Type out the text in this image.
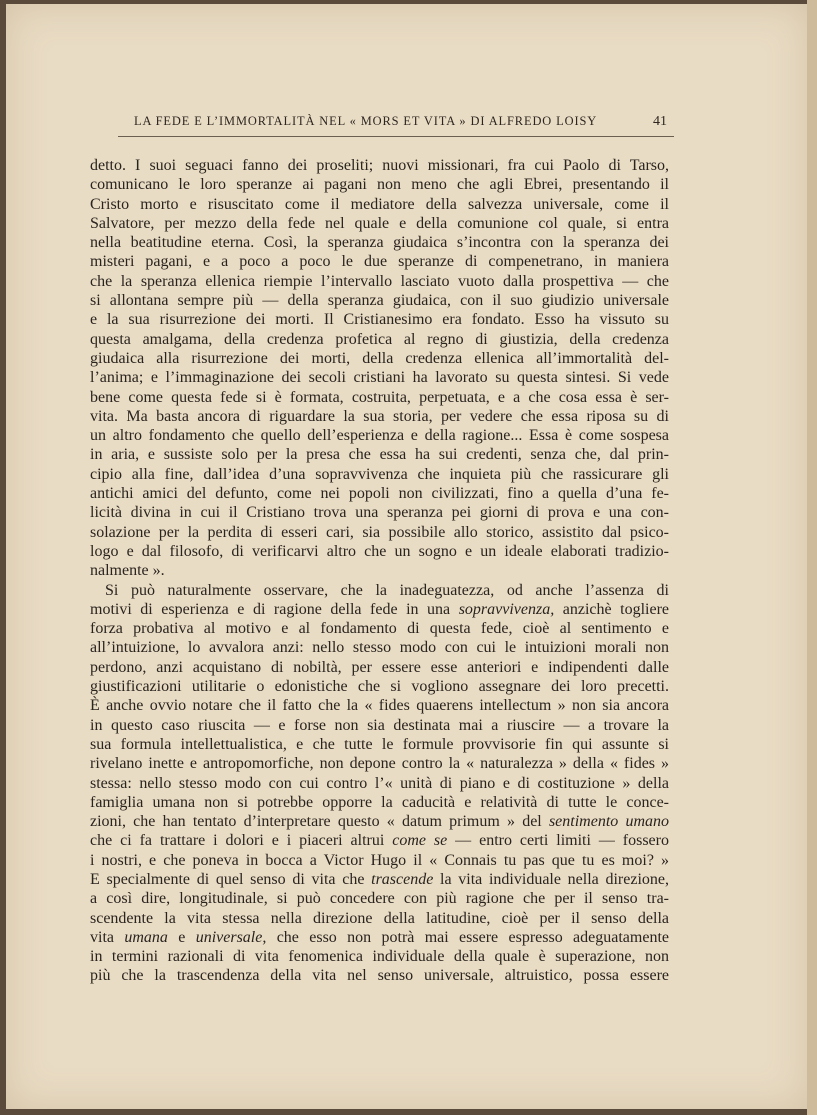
LA FEDE E L’IMMORTALITÀ NEL « MORS ET VITA » DI ALFREDO LOISY	41
detto. I suoi seguaci fanno dei proseliti; nuovi missionari, fra cui Paolo di Tarso,
comunicano le loro speranze ai pagani non meno che agli Ebrei, presentando il
Cristo morto e risuscitato come il mediatore della salvezza universale, come il
Salvatore, per mezzo della fede nel quale e della comunione col quale, si entra
nella beatitudine eterna. Così, la speranza giudaica s’incontra con la speranza dei
misteri pagani, e a poco a poco le due speranze di compenetrano, in maniera
che la speranza ellenica riempie l’intervallo lasciato vuoto dalla prospettiva — che
si allontana sempre più — della speranza giudaica, con il suo giudizio universale
e la sua risurrezione dei morti. Il Cristianesimo era fondato. Esso ha vissuto su
questa amalgama, della credenza profetica al regno di giustizia, della credenza
giudaica alla risurrezione dei morti, della credenza ellenica all’immortalità del-
l’anima; e l’immaginazione dei secoli cristiani ha lavorato su questa sintesi. Si vede
bene come questa fede si è formata, costruita, perpetuata, e a che cosa essa è ser-
vita. Ma basta ancora di riguardare la sua storia, per vedere che essa riposa su di
un altro fondamento che quello dell’esperienza e della ragione... Essa è come sospesa
in aria, e sussiste solo per la presa che essa ha sui credenti, senza che, dal prin-
cipio alla fine, dall’idea d’una sopravvivenza che inquieta più che rassicurare gli
antichi amici del defunto, come nei popoli non civilizzati, fino a quella d’una fe-
licità divina in cui il Cristiano trova una speranza pei giorni di prova e una con-
solazione per la perdita di esseri cari, sia possibile allo storico, assistito dal psico-
logo e dal filosofo, di verificarvi altro che un sogno e un ideale elaborati tradizio-
nalmente ».
Si può naturalmente osservare, che la inadeguatezza, od anche l’assenza di
motivi di esperienza e di ragione della fede in una sopravvivenza, anzichè togliere
forza probativa al motivo e al fondamento di questa fede, cioè al sentimento e
all’intuizione, lo avvalora anzi: nello stesso modo con cui le intuizioni morali non
perdono, anzi acquistano di nobiltà, per essere esse anteriori e indipendenti dalle
giustificazioni utilitarie o edonistiche che si vogliono assegnare dei loro precetti.
È anche ovvio notare che il fatto che la « fides quaerens intellectum » non sia ancora
in questo caso riuscita — e forse non sia destinata mai a riuscire — a trovare la
sua formula intellettualistica, e che tutte le formule provvisorie fin qui assunte si
rivelano inette e antropomorfiche, non depone contro la « naturalezza » della « fides »
stessa: nello stesso modo con cui contro l’« unità di piano e di costituzione » della
famiglia umana non si potrebbe opporre la caducità e relatività di tutte le conce-
zioni, che han tentato d’interpretare questo « datum primum » del sentimento umano
che ci fa trattare i dolori e i piaceri altrui come se — entro certi limiti — fossero
i nostri, e che poneva in bocca a Victor Hugo il « Connais tu pas que tu es moi? »
E specialmente di quel senso di vita che trascende la vita individuale nella direzione,
a così dire, longitudinale, si può concedere con più ragione che per il senso tra-
scendente la vita stessa nella direzione della latitudine, cioè per il senso della
vita umana e universale, che esso non potrà mai essere espresso adeguatamente
in termini razionali di vita fenomenica individuale della quale è superazione, non
più che la trascendenza della vita nel senso universale, altruistico, possa essere
